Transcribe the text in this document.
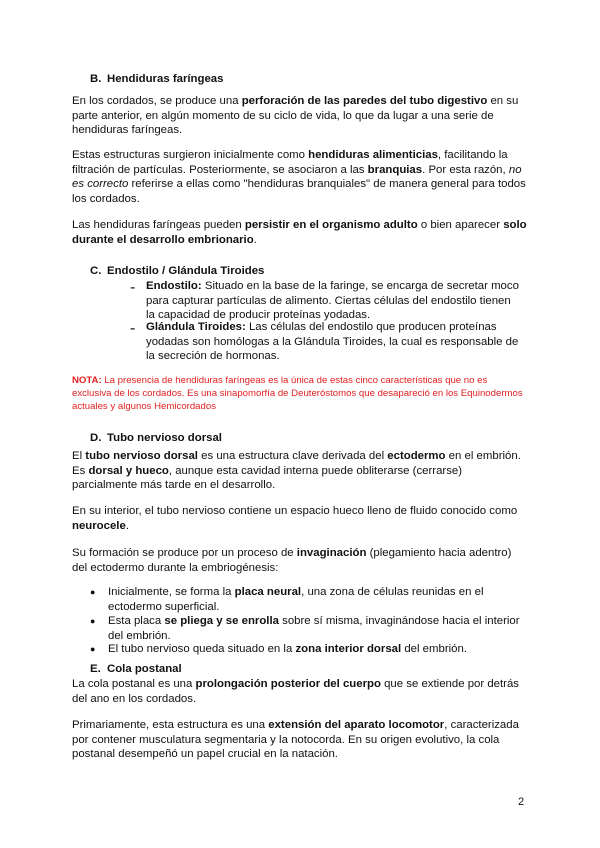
B. Hendiduras faríngeas
En los cordados, se produce una perforación de las paredes del tubo digestivo en su parte anterior, en algún momento de su ciclo de vida, lo que da lugar a una serie de hendiduras faríngeas.
Estas estructuras surgieron inicialmente como hendiduras alimenticias, facilitando la filtración de partículas. Posteriormente, se asociaron a las branquias. Por esta razón, no es correcto referirse a ellas como "hendiduras branquiales" de manera general para todos los cordados.
Las hendiduras faríngeas pueden persistir en el organismo adulto o bien aparecer solo durante el desarrollo embrionario.
C. Endostilo / Glándula Tiroides
- Endostilo: Situado en la base de la faringe, se encarga de secretar moco para capturar partículas de alimento. Ciertas células del endostilo tienen la capacidad de producir proteínas yodadas.
- Glándula Tiroides: Las células del endostilo que producen proteínas yodadas son homólogas a la Glándula Tiroides, la cual es responsable de la secreción de hormonas.
NOTA: La presencia de hendiduras faríngeas es la única de estas cinco características que no es exclusiva de los cordados. Es una sinapomorfía de Deuteróstomos que desapareció en los Equinodermos actuales y algunos Hemicordados
D. Tubo nervioso dorsal
El tubo nervioso dorsal es una estructura clave derivada del ectodermo en el embrión. Es dorsal y hueco, aunque esta cavidad interna puede obliterarse (cerrarse) parcialmente más tarde en el desarrollo.
En su interior, el tubo nervioso contiene un espacio hueco lleno de fluido conocido como neurocele.
Su formación se produce por un proceso de invaginación (plegamiento hacia adentro) del ectodermo durante la embriogénesis:
● Inicialmente, se forma la placa neural, una zona de células reunidas en el ectodermo superficial.
● Esta placa se pliega y se enrolla sobre sí misma, invaginándose hacia el interior del embrión.
● El tubo nervioso queda situado en la zona interior dorsal del embrión.
E. Cola postanal
La cola postanal es una prolongación posterior del cuerpo que se extiende por detrás del ano en los cordados.
Primariamente, esta estructura es una extensión del aparato locomotor, caracterizada por contener musculatura segmentaria y la notocorda. En su origen evolutivo, la cola postanal desempeñó un papel crucial en la natación.
2
